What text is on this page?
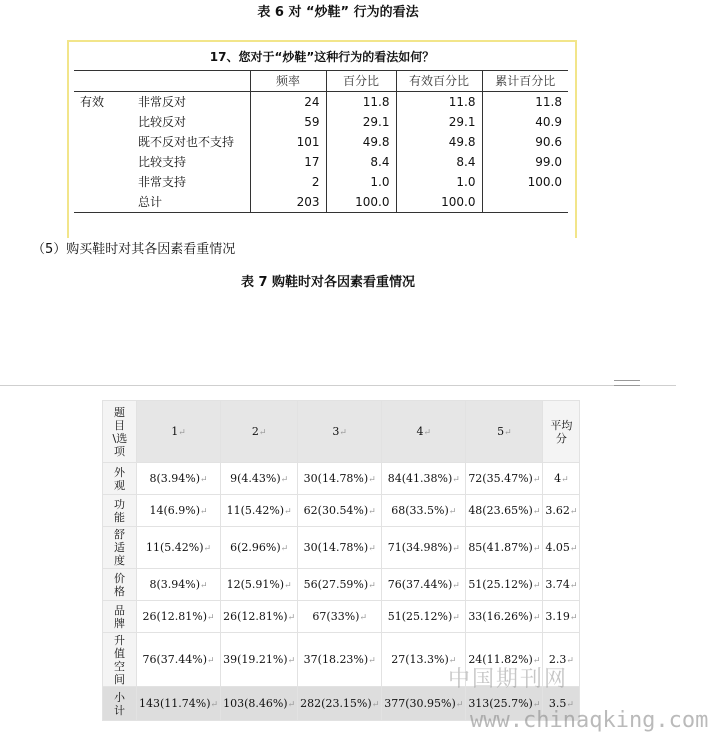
表 6 对 “炒鞋” 行为的看法
17、您对于“炒鞋”这种行为的看法如何？
		频率	百分比	有效百分比	累计百分比
有效	非常反对	24	11.8	11.8	11.8
	比较反对	59	29.1	29.1	40.9
	既不反对也不支持	101	49.8	49.8	90.6
	比较支持	17	8.4	8.4	99.0
	非常支持	2	1.0	1.0	100.0
	总计	203	100.0	100.0	
（5）购买鞋时对其各因素看重情况
表 7 购鞋时对各因素看重情况
题目\选项	1↵	2↵	3↵	4↵	5↵	平均分
外观	8(3.94%)↵	9(4.43%)↵	30(14.78%)↵	84(41.38%)↵	72(35.47%)↵	4↵
功能	14(6.9%)↵	11(5.42%)↵	62(30.54%)↵	68(33.5%)↵	48(23.65%)↵	3.62↵
舒适度	11(5.42%)↵	6(2.96%)↵	30(14.78%)↵	71(34.98%)↵	85(41.87%)↵	4.05↵
价格	8(3.94%)↵	12(5.91%)↵	56(27.59%)↵	76(37.44%)↵	51(25.12%)↵	3.74↵
品牌	26(12.81%)↵	26(12.81%)↵	67(33%)↵	51(25.12%)↵	33(16.26%)↵	3.19↵
升值空间	76(37.44%)↵	39(19.21%)↵	37(18.23%)↵	27(13.3%)↵	24(11.82%)↵	2.3↵
小计	143(11.74%)↵	103(8.46%)↵	282(23.15%)↵	377(30.95%)↵	313(25.7%)↵	3.5↵
中国期刊网
www.chinaqking.com
